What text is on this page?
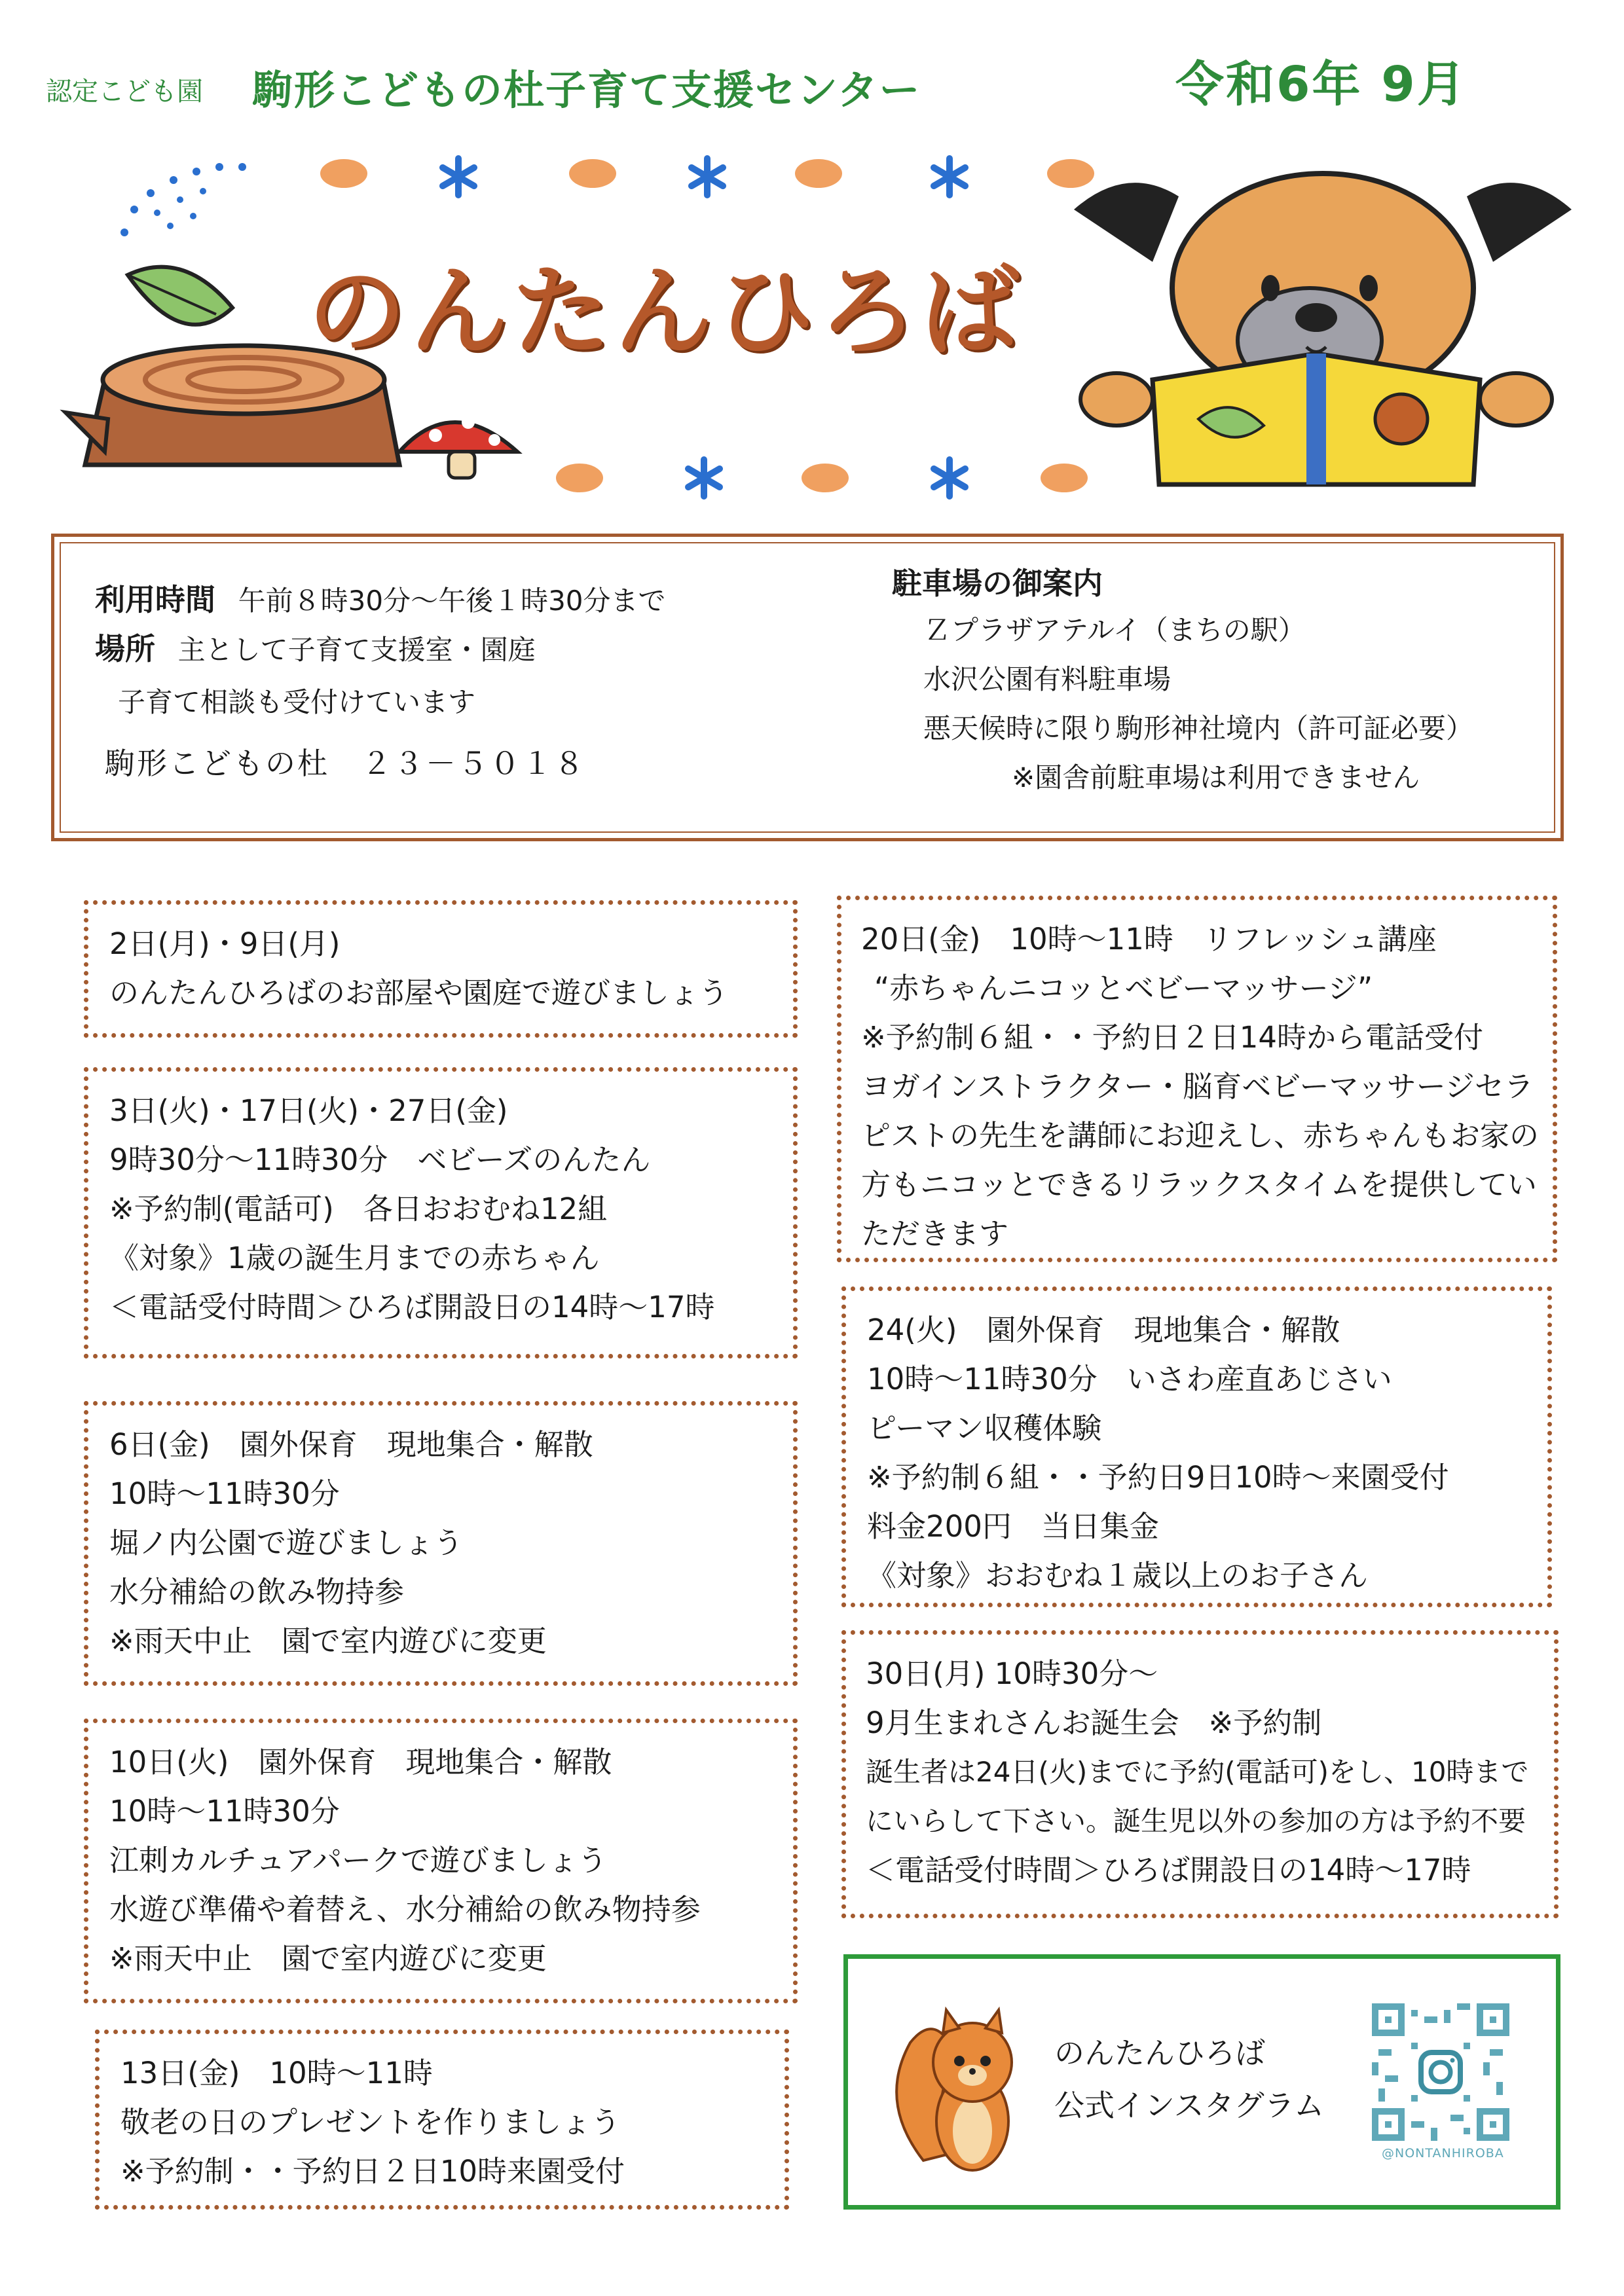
認定こども園 駒形こどもの杜子育て支援センター	令和6年 9月
のんたんひろば
利用時間 午前８時30分～午後１時30分まで
場所 主として子育て支援室・園庭
子育て相談も受付けています
駒形こどもの杜　２３－５０１８
駐車場の御案内
Ｚプラザアテルイ（まちの駅）
水沢公園有料駐車場
悪天候時に限り駒形神社境内（許可証必要）
※園舎前駐車場は利用できません
2日(月)・9日(月)
のんたんひろばのお部屋や園庭で遊びましょう
3日(火)・17日(火)・27日(金)
9時30分～11時30分　ベビーズのんたん
※予約制(電話可)　各日おおむね12組
《対象》1歳の誕生月までの赤ちゃん
＜電話受付時間＞ひろば開設日の14時～17時
6日(金)　園外保育　現地集合・解散
10時～11時30分
堀ノ内公園で遊びましょう
水分補給の飲み物持参
※雨天中止　園で室内遊びに変更
10日(火)　園外保育　現地集合・解散
10時～11時30分
江刺カルチュアパークで遊びましょう
水遊び準備や着替え、水分補給の飲み物持参
※雨天中止　園で室内遊びに変更
13日(金)　10時～11時
敬老の日のプレゼントを作りましょう
※予約制・・予約日２日10時来園受付
20日(金)　10時～11時　リフレッシュ講座
“赤ちゃんニコッとベビーマッサージ”
※予約制６組・・予約日２日14時から電話受付
ヨガインストラクター・脳育ベビーマッサージセラ
ピストの先生を講師にお迎えし、赤ちゃんもお家の
方もニコッとできるリラックスタイムを提供してい
ただきます
24(火)　園外保育　現地集合・解散
10時～11時30分　いさわ産直あじさい
ピーマン収穫体験
※予約制６組・・予約日9日10時～来園受付
料金200円　当日集金
《対象》おおむね１歳以上のお子さん
30日(月) 10時30分～
9月生まれさんお誕生会　※予約制
誕生者は24日(火)までに予約(電話可)をし、10時まで
にいらして下さい。誕生児以外の参加の方は予約不要
＜電話受付時間＞ひろば開設日の14時～17時
のんたんひろば
公式インスタグラム
@NONTANHIROBA
